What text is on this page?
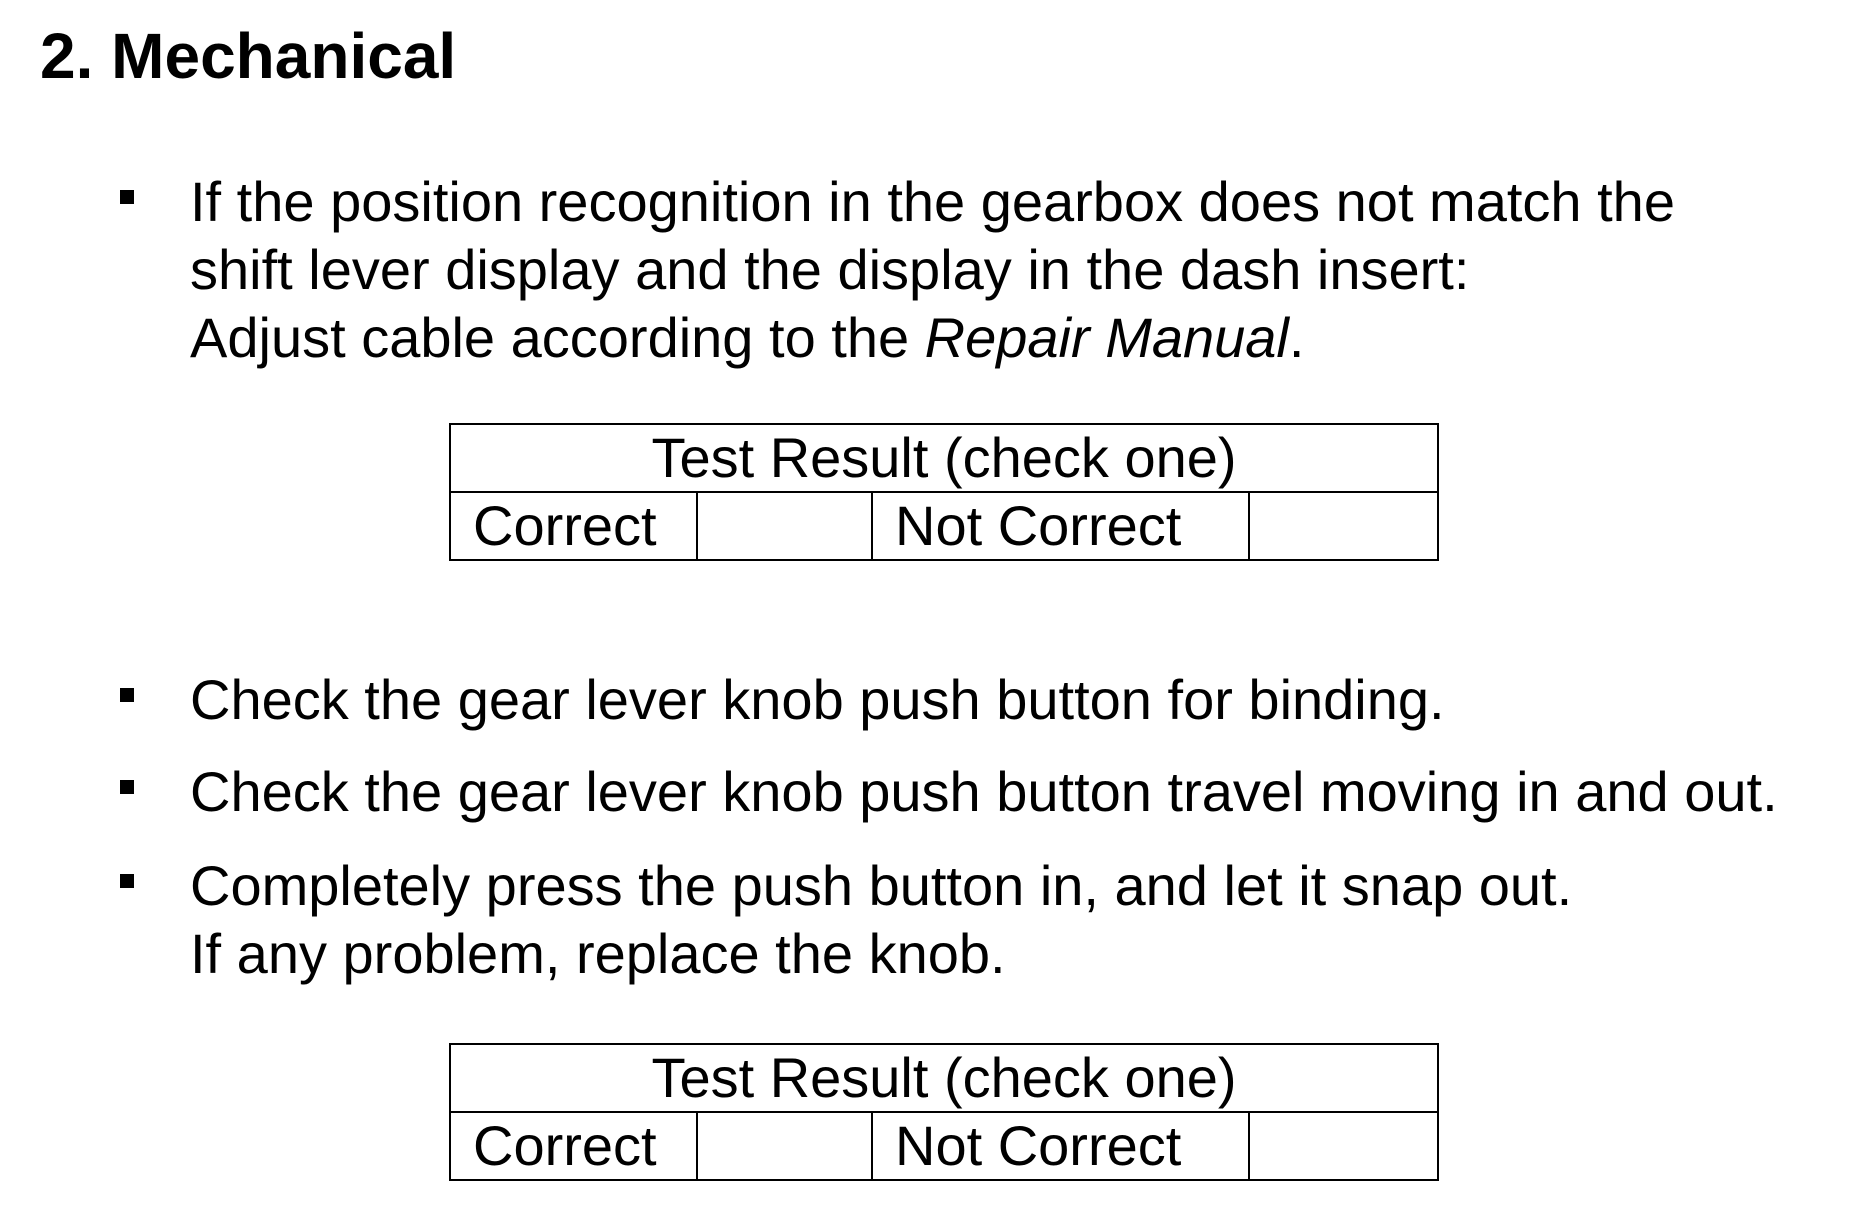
2. Mechanical
If the position recognition in the gearbox does not match the
shift lever display and the display in the dash insert:
Adjust cable according to the Repair Manual.
Test Result (check one)
Correct		Not Correct	
Check the gear lever knob push button for binding.
Check the gear lever knob push button travel moving in and out.
Completely press the push button in, and let it snap out.
If any problem, replace the knob.
Test Result (check one)
Correct		Not Correct	
